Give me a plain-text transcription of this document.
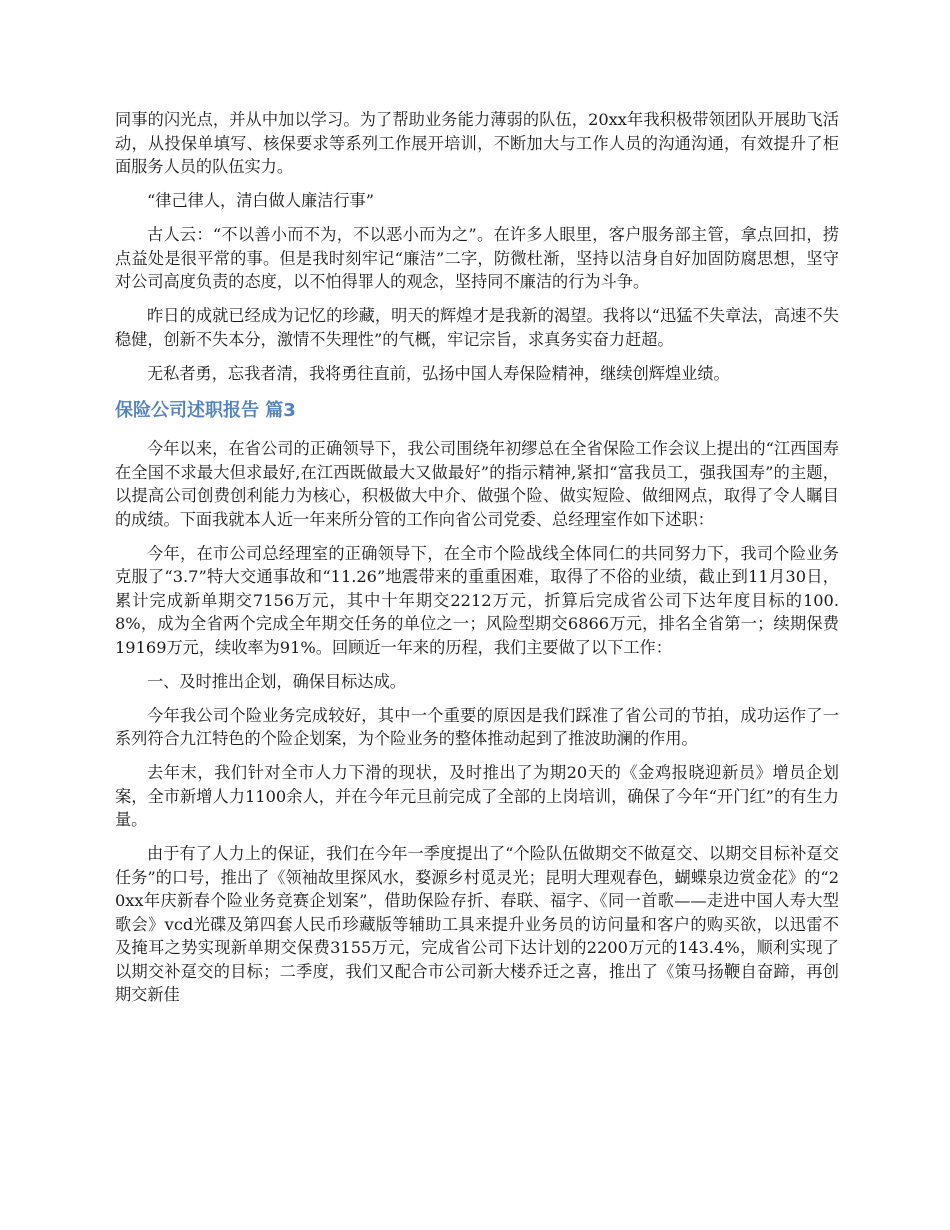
同事的闪光点，并从中加以学习。为了帮助业务能力薄弱的队伍，20xx年我积极带领团队开展助飞活动，从投保单填写、核保要求等系列工作展开培训，不断加大与工作人员的沟通沟通，有效提升了柜面服务人员的队伍实力。

“律己律人，清白做人廉洁行事”

古人云：“不以善小而不为，不以恶小而为之”。在许多人眼里，客户服务部主管，拿点回扣，捞点益处是很平常的事。但是我时刻牢记“廉洁”二字，防微杜渐，坚持以洁身自好加固防腐思想，坚守对公司高度负责的态度，以不怕得罪人的观念，坚持同不廉洁的行为斗争。

昨日的成就已经成为记忆的珍藏，明天的辉煌才是我新的渴望。我将以“迅猛不失章法，高速不失稳健，创新不失本分，激情不失理性”的气概，牢记宗旨，求真务实奋力赶超。

无私者勇，忘我者清，我将勇往直前，弘扬中国人寿保险精神，继续创辉煌业绩。

保险公司述职报告 篇3

今年以来，在省公司的正确领导下，我公司围绕年初缪总在全省保险工作会议上提出的“江西国寿在全国不求最大但求最好,在江西既做最大又做最好”的指示精神,紧扣“富我员工，强我国寿”的主题，以提高公司创费创利能力为核心，积极做大中介、做强个险、做实短险、做细网点，取得了令人瞩目的成绩。下面我就本人近一年来所分管的工作向省公司党委、总经理室作如下述职：

今年，在市公司总经理室的正确领导下，在全市个险战线全体同仁的共同努力下，我司个险业务克服了“3.7”特大交通事故和“11.26”地震带来的重重困难，取得了不俗的业绩，截止到11月30日，累计完成新单期交7156万元，其中十年期交2212万元，折算后完成省公司下达年度目标的100.8%，成为全省两个完成全年期交任务的单位之一；风险型期交6866万元，排名全省第一；续期保费19169万元，续收率为91%。回顾近一年来的历程，我们主要做了以下工作：

一、及时推出企划，确保目标达成。

今年我公司个险业务完成较好，其中一个重要的原因是我们踩准了省公司的节拍，成功运作了一系列符合九江特色的个险企划案，为个险业务的整体推动起到了推波助澜的作用。

去年末，我们针对全市人力下滑的现状，及时推出了为期20天的《金鸡报晓迎新员》增员企划案，全市新增人力1100余人，并在今年元旦前完成了全部的上岗培训，确保了今年“开门红”的有生力量。

由于有了人力上的保证，我们在今年一季度提出了“个险队伍做期交不做趸交、以期交目标补趸交任务”的口号，推出了《领袖故里探风水，婺源乡村觅灵光；昆明大理观春色，蝴蝶泉边赏金花》的“20xx年庆新春个险业务竞赛企划案”，借助保险存折、春联、福字、《同一首歌——走进中国人寿大型歌会》vcd光碟及第四套人民币珍藏版等辅助工具来提升业务员的访问量和客户的购买欲，以迅雷不及掩耳之势实现新单期交保费3155万元，完成省公司下达计划的2200万元的143.4%，顺利实现了以期交补趸交的目标；二季度，我们又配合市公司新大楼乔迁之喜，推出了《策马扬鞭自奋蹄，再创期交新佳
